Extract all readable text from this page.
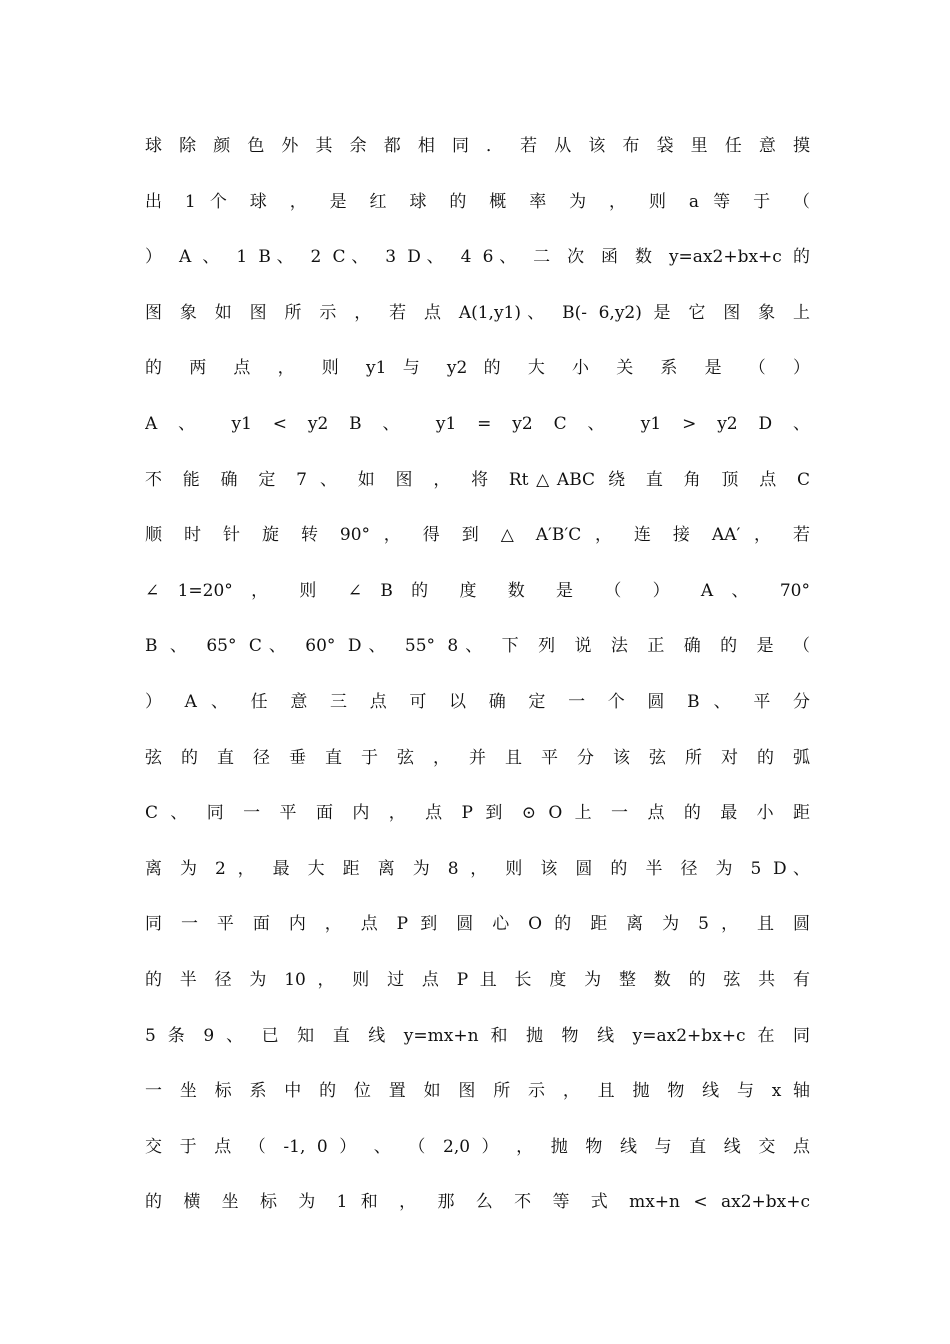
球 除 颜 色 外 其 余 都 相 同 ． 若 从 该 布 袋 里 任 意 摸
出 1 个 球 ， 是 红 球 的 概 率 为 ， 则 a 等 于 （
） A 、 1 B、 2 C、 3 D、 4 6、 二 次 函 数 y=ax2+bx+c 的
图 象 如 图 所 示 ， 若 点 A(1,y1)、 B(- 6,y2) 是 它 图 象 上
的 两 点 ， 则 y1 与 y2 的 大 小 关 系 是 （ ）
A 、 y1 < y2 B 、 y1 = y2 C 、 y1 > y2 D 、
不 能 确 定 7 、 如 图 ， 将 Rt△ABC 绕 直 角 顶 点 C
顺 时 针 旋 转 90° ， 得 到 △ A′B′C ， 连 接 AA′ ， 若
∠ 1=20° ， 则 ∠ B 的 度 数 是 （ ） A 、 70°
B 、 65° C、 60° D、 55° 8、 下 列 说 法 正 确 的 是 （
） A 、 任 意 三 点 可 以 确 定 一 个 圆 B 、 平 分
弦 的 直 径 垂 直 于 弦 ， 并 且 平 分 该 弦 所 对 的 弧
C 、 同 一 平 面 内 ， 点 P 到 ⊙ O 上 一 点 的 最 小 距
离 为 2 ， 最 大 距 离 为 8 ， 则 该 圆 的 半 径 为 5 D、
同 一 平 面 内 ， 点 P 到 圆 心 O 的 距 离 为 5 ， 且 圆
的 半 径 为 10 ， 则 过 点 P 且 长 度 为 整 数 的 弦 共 有
5 条 9 、 已 知 直 线 y=mx+n 和 抛 物 线 y=ax2+bx+c 在 同
一 坐 标 系 中 的 位 置 如 图 所 示 ， 且 抛 物 线 与 x 轴
交 于 点 （ -1, 0 ） 、 （ 2,0 ） ， 抛 物 线 与 直 线 交 点
的 横 坐 标 为 1 和 ， 那 么 不 等 式 mx+n < ax2+bx+c
